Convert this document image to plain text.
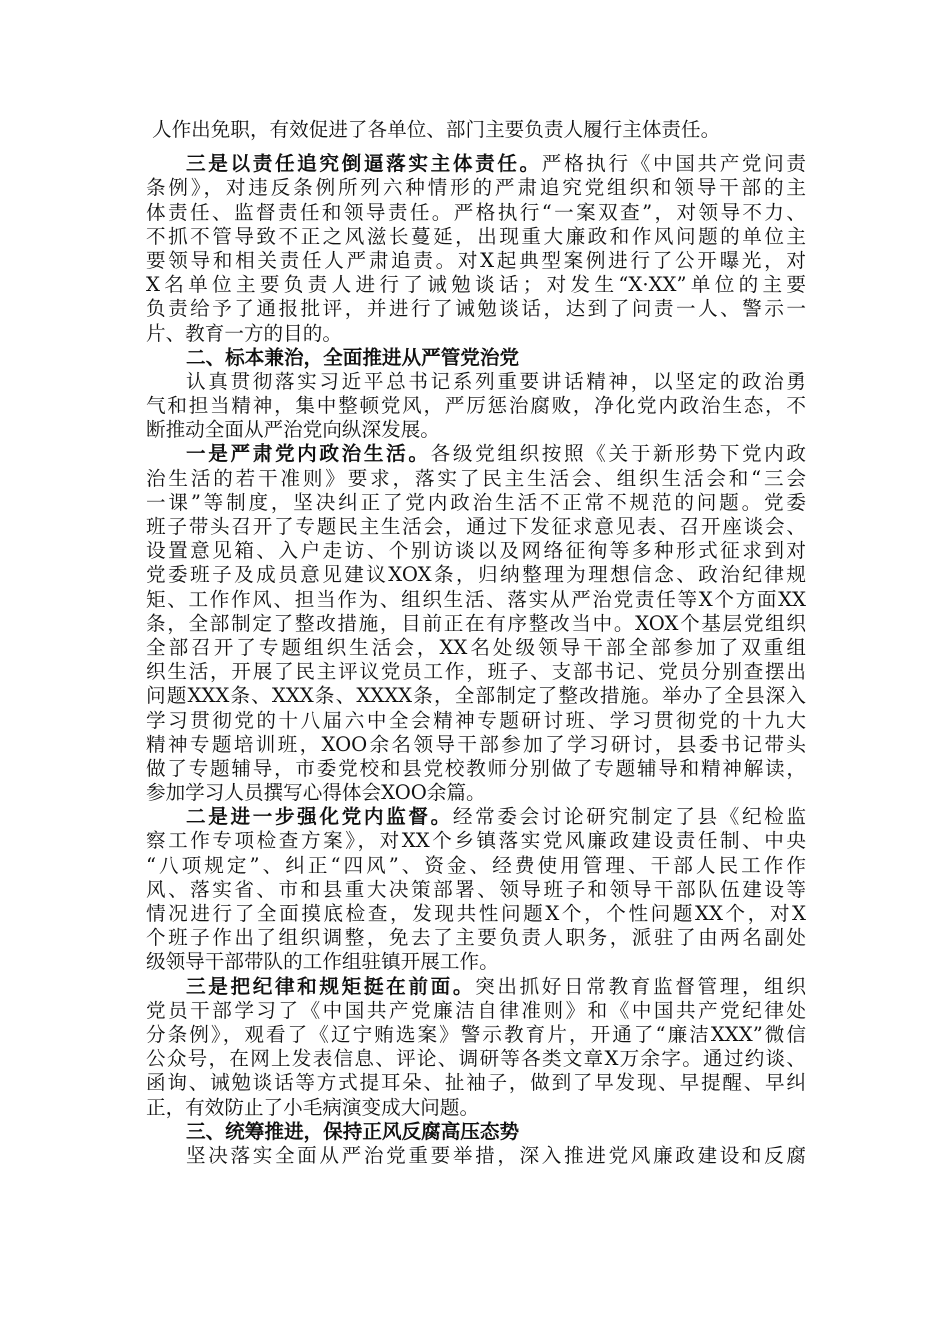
人作出免职，有效促进了各单位、部门主要负责人履行主体责任。
三是以责任追究倒逼落实主体责任。严格执行《中国共产党问责
条例》，对违反条例所列六种情形的严肃追究党组织和领导干部的主
体责任、监督责任和领导责任。严格执行“一案双查”，对领导不力、
不抓不管导致不正之风滋长蔓延，出现重大廉政和作风问题的单位主
要领导和相关责任人严肃追责。对X起典型案例进行了公开曝光，对
X名单位主要负责人进行了诫勉谈话；对发生“X·XX”单位的主要
负责给予了通报批评，并进行了诫勉谈话，达到了问责一人、警示一
片、教育一方的目的。
二、标本兼治，全面推进从严管党治党
认真贯彻落实习近平总书记系列重要讲话精神，以坚定的政治勇
气和担当精神，集中整顿党风，严厉惩治腐败，净化党内政治生态，不
断推动全面从严治党向纵深发展。
一是严肃党内政治生活。各级党组织按照《关于新形势下党内政
治生活的若干准则》要求，落实了民主生活会、组织生活会和“三会
一课”等制度，坚决纠正了党内政治生活不正常不规范的问题。党委
班子带头召开了专题民主生活会，通过下发征求意见表、召开座谈会、
设置意见箱、入户走访、个别访谈以及网络征徇等多种形式征求到对
党委班子及成员意见建议XOX条，归纳整理为理想信念、政治纪律规
矩、工作作风、担当作为、组织生活、落实从严治党责任等X个方面XX
条，全部制定了整改措施，目前正在有序整改当中。XOX个基层党组织
全部召开了专题组织生活会，XX名处级领导干部全部参加了双重组
织生活，开展了民主评议党员工作，班子、支部书记、党员分别查摆出
问题XXX条、XXX条、XXXX条，全部制定了整改措施。举办了全县深入
学习贯彻党的十八届六中全会精神专题研讨班、学习贯彻党的十九大
精神专题培训班，XOO余名领导干部参加了学习研讨，县委书记带头
做了专题辅导，市委党校和县党校教师分别做了专题辅导和精神解读，
参加学习人员撰写心得体会XOO余篇。
二是进一步强化党内监督。经常委会讨论研究制定了县《纪检监
察工作专项检查方案》，对XX个乡镇落实党风廉政建设责任制、中央
“八项规定”、纠正“四风”、资金、经费使用管理、干部人民工作作
风、落实省、市和县重大决策部署、领导班子和领导干部队伍建设等
情况进行了全面摸底检查，发现共性问题X个，个性问题XX个，对X
个班子作出了组织调整，免去了主要负责人职务，派驻了由两名副处
级领导干部带队的工作组驻镇开展工作。
三是把纪律和规矩挺在前面。突出抓好日常教育监督管理，组织
党员干部学习了《中国共产党廉洁自律准则》和《中国共产党纪律处
分条例》，观看了《辽宁贿选案》警示教育片，开通了“廉洁XXX”微信
公众号，在网上发表信息、评论、调研等各类文章X万余字。通过约谈、
函询、诫勉谈话等方式提耳朵、扯袖子，做到了早发现、早提醒、早纠
正，有效防止了小毛病演变成大问题。
三、统筹推进，保持正风反腐高压态势
坚决落实全面从严治党重要举措，深入推进党风廉政建设和反腐
